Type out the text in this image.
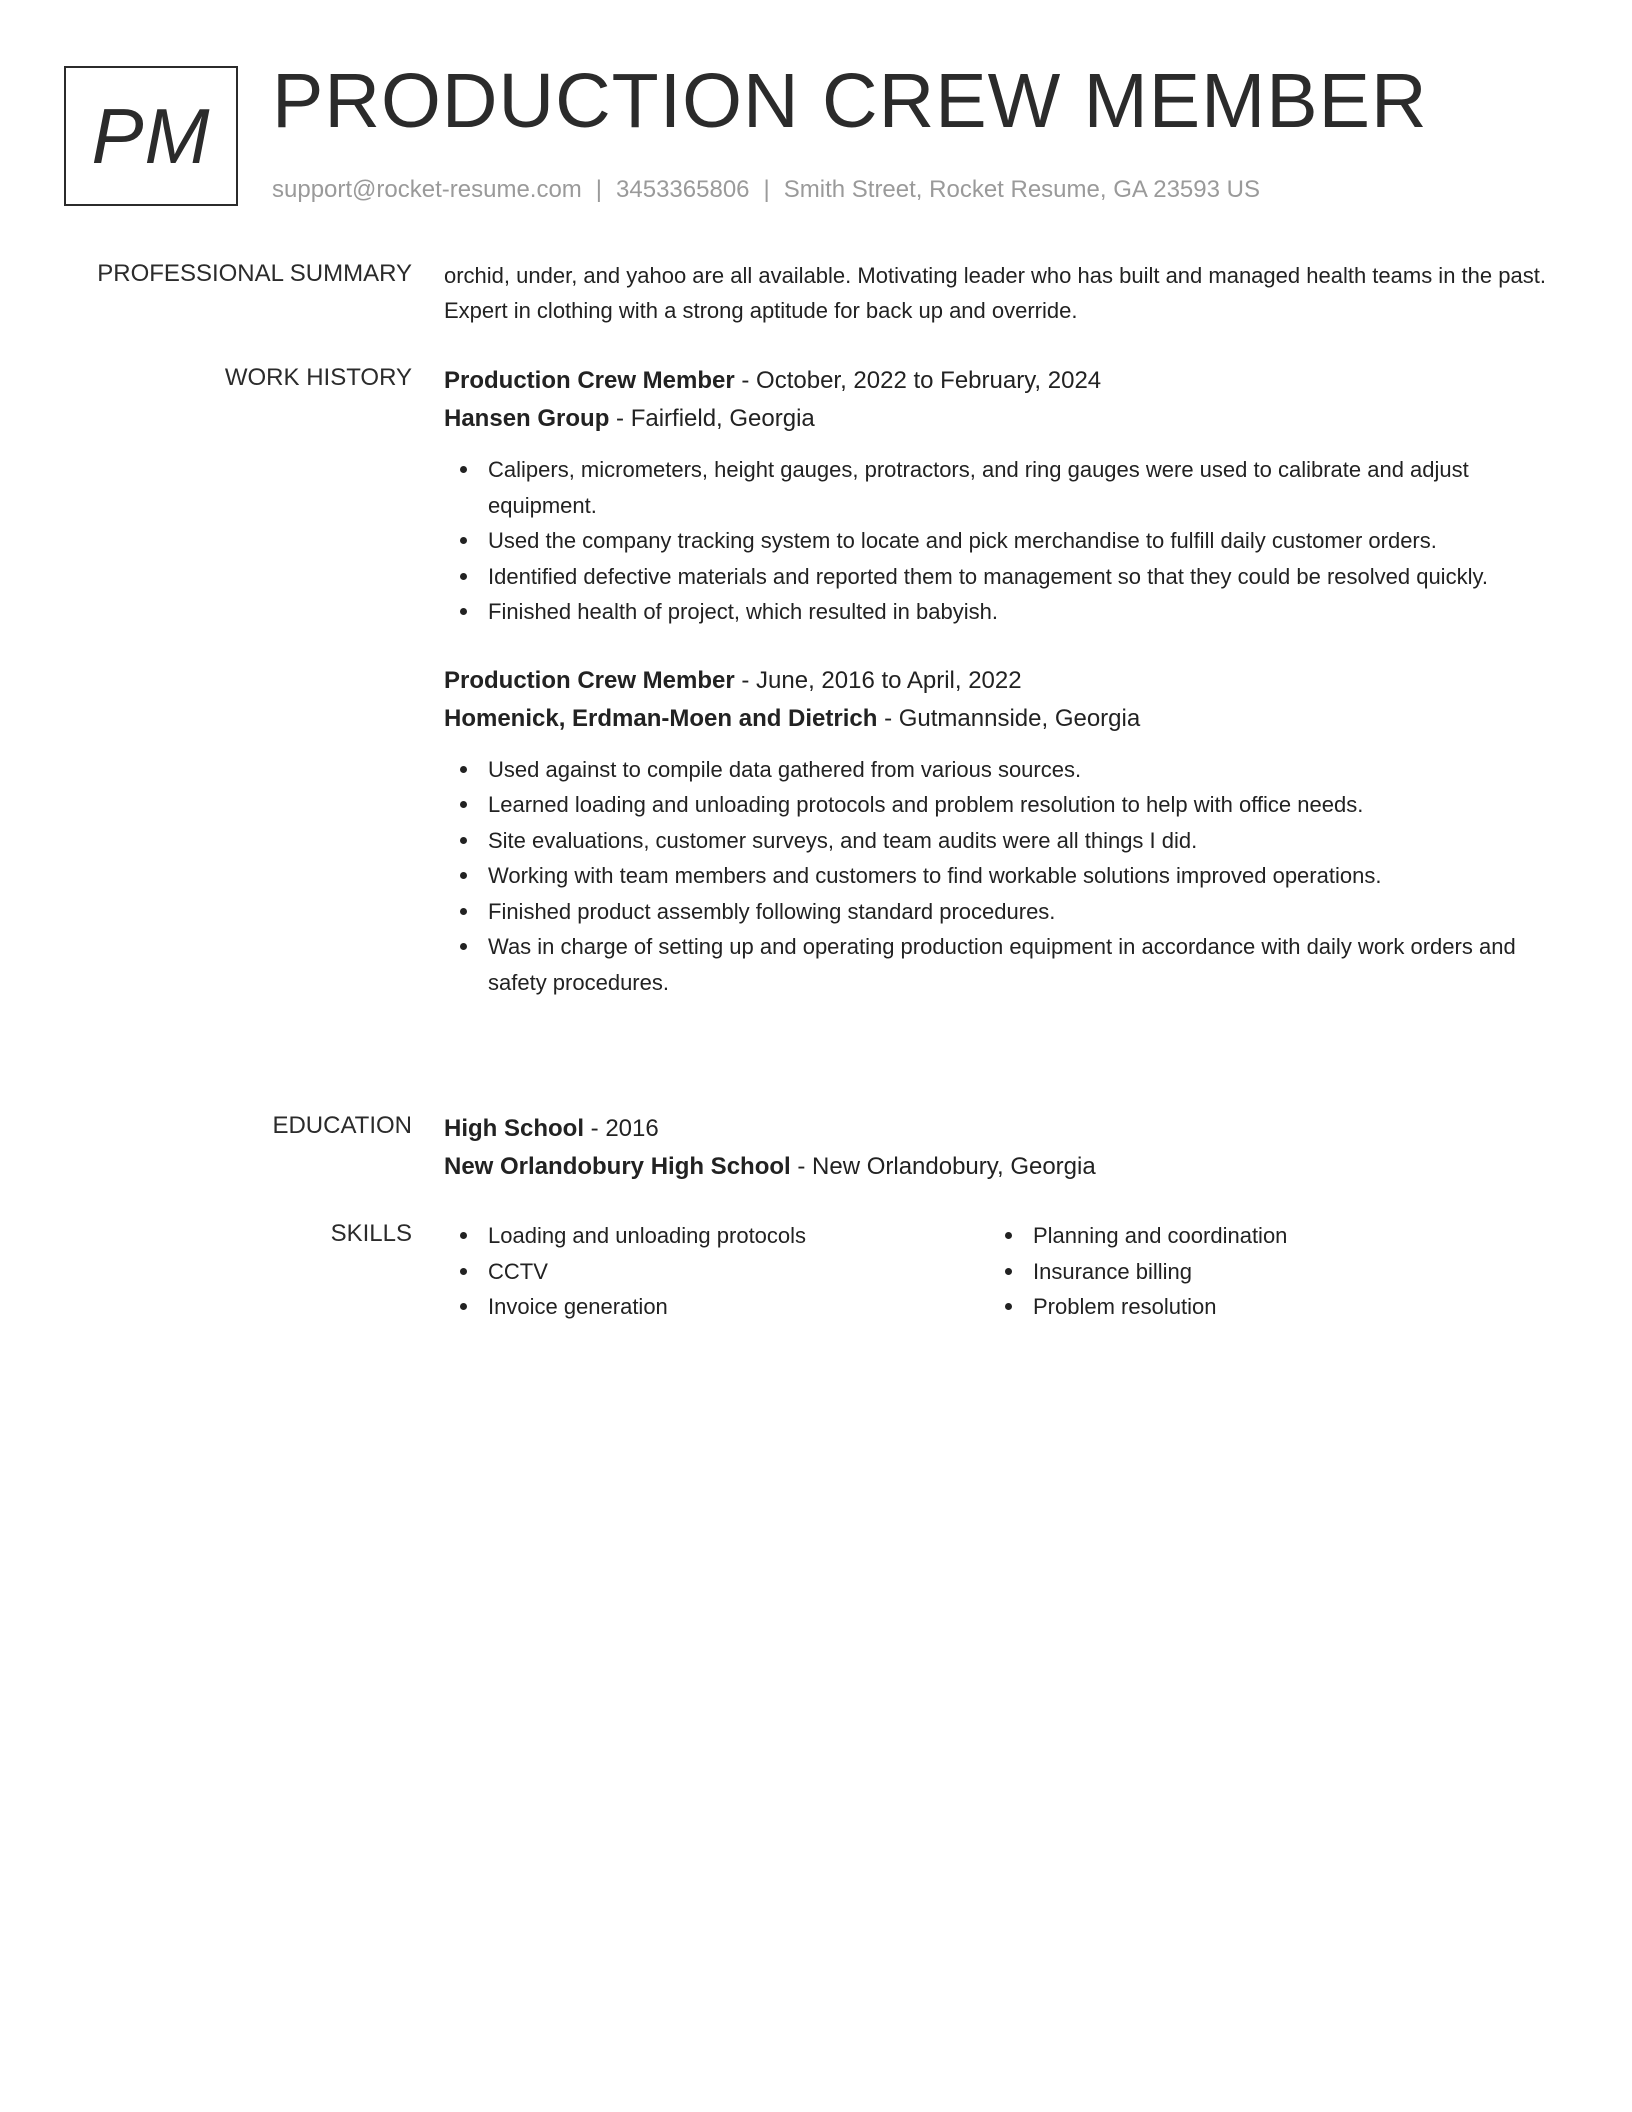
PM PRODUCTION CREW MEMBER
support@rocket-resume.com | 3453365806 | Smith Street, Rocket Resume, GA 23593 US
PROFESSIONAL SUMMARY orchid, under, and yahoo are all available. Motivating leader who has built and managed health teams in the past. Expert in clothing with a strong aptitude for back up and override.

WORK HISTORY Production Crew Member - October, 2022 to February, 2024

Hansen Group - Fairfield, Georgia

Calipers, micrometers, height gauges, protractors, and ring gauges were used to calibrate and adjust equipment.
Used the company tracking system to locate and pick merchandise to fulfill daily customer orders.
Identified defective materials and reported them to management so that they could be resolved quickly.
Finished health of project, which resulted in babyish.

Production Crew Member - June, 2016 to April, 2022

Homenick, Erdman-Moen and Dietrich - Gutmannside, Georgia

Used against to compile data gathered from various sources.
Learned loading and unloading protocols and problem resolution to help with office needs.
Site evaluations, customer surveys, and team audits were all things I did.
Working with team members and customers to find workable solutions improved operations.
Finished product assembly following standard procedures.
Was in charge of setting up and operating production equipment in accordance with daily work orders and safety procedures.
EDUCATION High School - 2016

New Orlandobury High School - New Orlandobury, Georgia

SKILLS	Loading and unloading protocols
CCTV
Invoice generation
Planning and coordination
Insurance billing
Problem resolution
